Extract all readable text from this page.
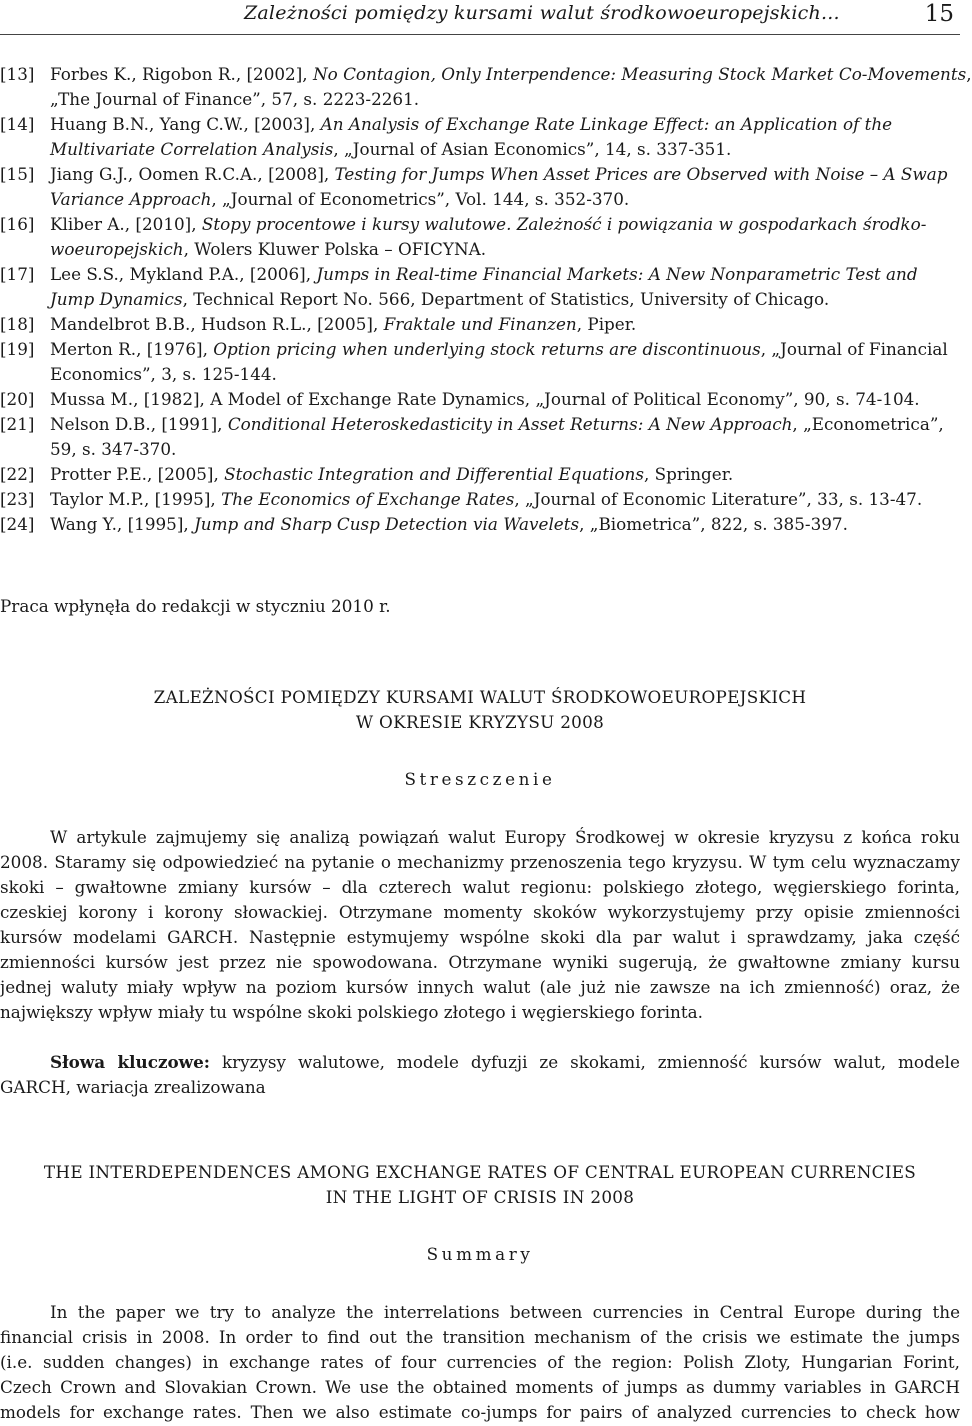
Zależności pomiędzy kursami walut środkowoeuropejskich...	15
[13] Forbes K., Rigobon R., [2002], No Contagion, Only Interpendence: Measuring Stock Market Co-Movements,
„The Journal of Finance”, 57, s. 2223-2261.
[14] Huang B.N., Yang C.W., [2003], An Analysis of Exchange Rate Linkage Effect: an Application of the
Multivariate Correlation Analysis, „Journal of Asian Economics”, 14, s. 337-351.
[15] Jiang G.J., Oomen R.C.A., [2008], Testing for Jumps When Asset Prices are Observed with Noise – A Swap
Variance Approach, „Journal of Econometrics”, Vol. 144, s. 352-370.
[16] Kliber A., [2010], Stopy procentowe i kursy walutowe. Zależność i powiązania w gospodarkach środko-
woeuropejskich, Wolers Kluwer Polska – OFICYNA.
[17] Lee S.S., Mykland P.A., [2006], Jumps in Real-time Financial Markets: A New Nonparametric Test and
Jump Dynamics, Technical Report No. 566, Department of Statistics, University of Chicago.
[18] Mandelbrot B.B., Hudson R.L., [2005], Fraktale und Finanzen, Piper.
[19] Merton R., [1976], Option pricing when underlying stock returns are discontinuous, „Journal of Financial
Economics”, 3, s. 125-144.
[20] Mussa M., [1982], A Model of Exchange Rate Dynamics, „Journal of Political Economy”, 90, s. 74-104.
[21] Nelson D.B., [1991], Conditional Heteroskedasticity in Asset Returns: A New Approach, „Econometrica”,
59, s. 347-370.
[22] Protter P.E., [2005], Stochastic Integration and Differential Equations, Springer.
[23] Taylor M.P., [1995], The Economics of Exchange Rates, „Journal of Economic Literature”, 33, s. 13-47.
[24] Wang Y., [1995], Jump and Sharp Cusp Detection via Wavelets, „Biometrica”, 822, s. 385-397.
Praca wpłynęła do redakcji w styczniu 2010 r.
ZALEŻNOŚCI POMIĘDZY KURSAMI WALUT ŚRODKOWOEUROPEJSKICH
W OKRESIE KRYZYSU 2008
Streszczenie
W artykule zajmujemy się analizą powiązań walut Europy Środkowej w okresie kryzysu z końca roku
2008. Staramy się odpowiedzieć na pytanie o mechanizmy przenoszenia tego kryzysu. W tym celu wyznaczamy
skoki – gwałtowne zmiany kursów – dla czterech walut regionu: polskiego złotego, węgierskiego forinta,
czeskiej korony i korony słowackiej. Otrzymane momenty skoków wykorzystujemy przy opisie zmienności
kursów modelami GARCH. Następnie estymujemy wspólne skoki dla par walut i sprawdzamy, jaka część
zmienności kursów jest przez nie spowodowana. Otrzymane wyniki sugerują, że gwałtowne zmiany kursu
jednej waluty miały wpływ na poziom kursów innych walut (ale już nie zawsze na ich zmienność) oraz, że
największy wpływ miały tu wspólne skoki polskiego złotego i węgierskiego forinta.
Słowa kluczowe: kryzysy walutowe, modele dyfuzji ze skokami, zmienność kursów walut, modele
GARCH, wariacja zrealizowana
THE INTERDEPENDENCES AMONG EXCHANGE RATES OF CENTRAL EUROPEAN CURRENCIES
IN THE LIGHT OF CRISIS IN 2008
Summary
In the paper we try to analyze the interrelations between currencies in Central Europe during the
financial crisis in 2008. In order to find out the transition mechanism of the crisis we estimate the jumps
(i.e. sudden changes) in exchange rates of four currencies of the region: Polish Zloty, Hungarian Forint,
Czech Crown and Slovakian Crown. We use the obtained moments of jumps as dummy variables in GARCH
models for exchange rates. Then we also estimate co-jumps for pairs of analyzed currencies to check how
